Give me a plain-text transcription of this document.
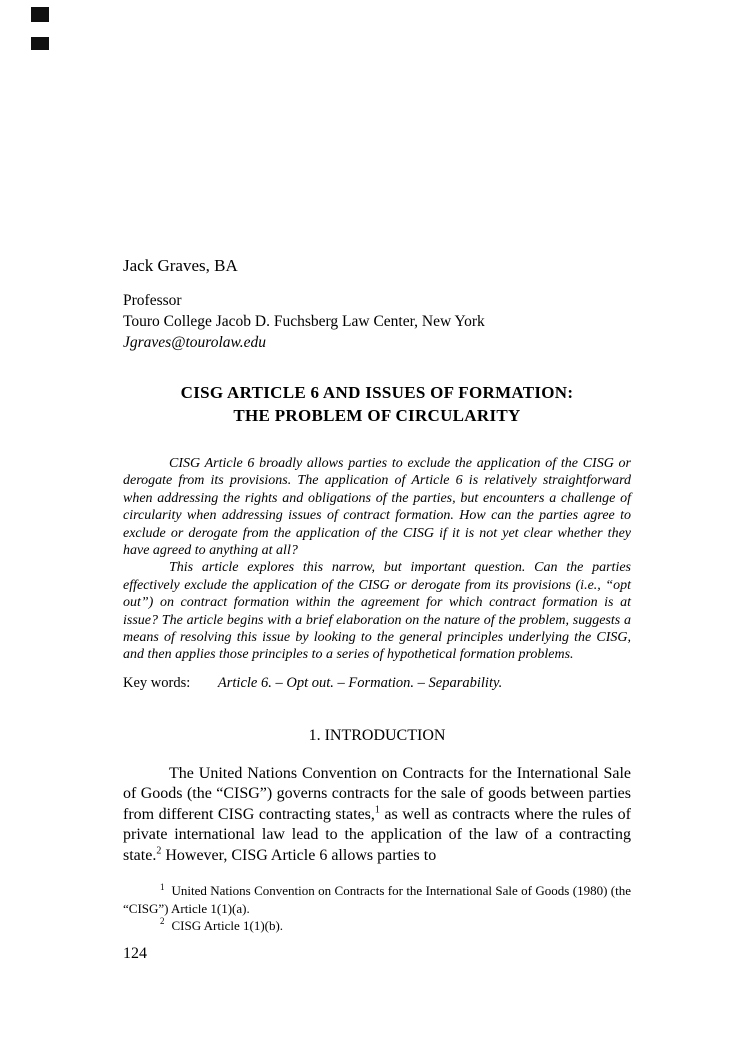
Jack Graves, BA

Professor

Touro College Jacob D. Fuchsberg Law Center, New York

Jgraves@tourolaw.edu

CISG ARTICLE 6 AND ISSUES OF FORMATION:
THE PROBLEM OF CIRCULARITY

CISG Article 6 broadly allows parties to exclude the application of the CISG or derogate from its provisions. The application of Article 6 is relatively straightforward when addressing the rights and obligations of the parties, but encounters a challenge of circularity when addressing issues of contract formation. How can the parties agree to exclude or derogate from the application of the CISG if it is not yet clear whether they have agreed to anything at all?

This article explores this narrow, but important question. Can the parties effectively exclude the application of the CISG or derogate from its provisions (i.e., “opt out”) on contract formation within the agreement for which contract formation is at issue? The article begins with a brief elaboration on the nature of the problem, suggests a means of resolving this issue by looking to the general principles underlying the CISG, and then applies those principles to a series of hypothetical formation problems.

Key words: Article 6. – Opt out. – Formation. – Separability.

1. INTRODUCTION

The United Nations Convention on Contracts for the International Sale of Goods (the “CISG”) governs contracts for the sale of goods between parties from different CISG contracting states,$^1$ as well as contracts where the rules of private international law lead to the application of the law of a contracting state.$^2$ However, CISG Article 6 allows parties to

$^1$ United Nations Convention on Contracts for the International Sale of Goods (1980) (the “CISG”) Article 1(1)(a).

$^2$ CISG Article 1(1)(b).

124
